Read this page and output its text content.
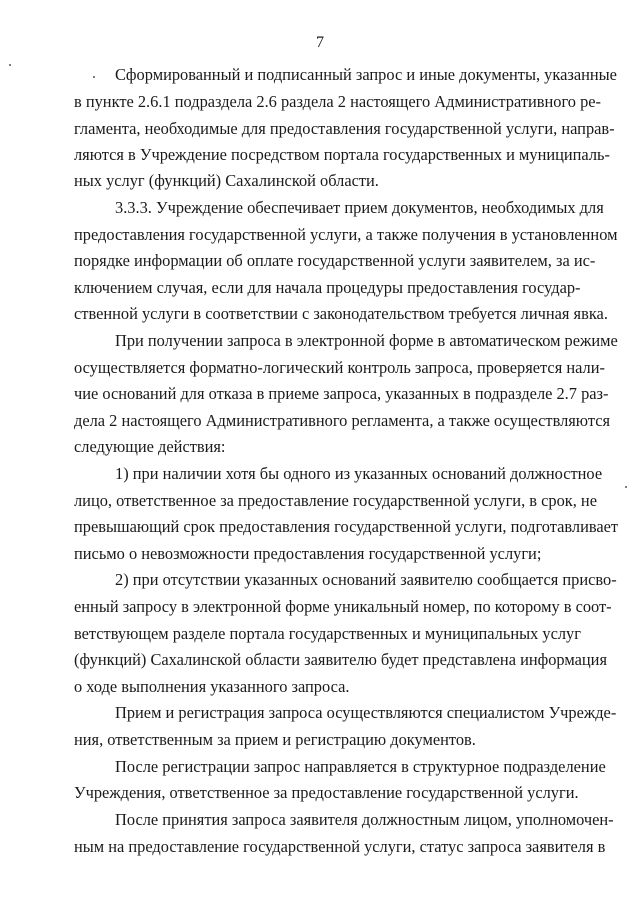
7
Сформированный и подписанный запрос и иные документы, указанные
в пункте 2.6.1 подраздела 2.6 раздела 2 настоящего Административного ре-
гламента, необходимые для предоставления государственной услуги, направ-
ляются в Учреждение посредством портала государственных и муниципаль-
ных услуг (функций) Сахалинской области.
3.3.3. Учреждение обеспечивает прием документов, необходимых для
предоставления государственной услуги, а также получения в установленном
порядке информации об оплате государственной услуги заявителем, за ис-
ключением случая, если для начала процедуры предоставления государ-
ственной услуги в соответствии с законодательством требуется личная явка.
При получении запроса в электронной форме в автоматическом режиме
осуществляется форматно-логический контроль запроса, проверяется нали-
чие оснований для отказа в приеме запроса, указанных в подразделе 2.7 раз-
дела 2 настоящего Административного регламента, а также осуществляются
следующие действия:
1) при наличии хотя бы одного из указанных оснований должностное
лицо, ответственное за предоставление государственной услуги, в срок, не
превышающий срок предоставления государственной услуги, подготавливает
письмо о невозможности предоставления государственной услуги;
2) при отсутствии указанных оснований заявителю сообщается присво-
енный запросу в электронной форме уникальный номер, по которому в соот-
ветствующем разделе портала государственных и муниципальных услуг
(функций) Сахалинской области заявителю будет представлена информация
о ходе выполнения указанного запроса.
Прием и регистрация запроса осуществляются специалистом Учрежде-
ния, ответственным за прием и регистрацию документов.
После регистрации запрос направляется в структурное подразделение
Учреждения, ответственное за предоставление государственной услуги.
После принятия запроса заявителя должностным лицом, уполномочен-
ным на предоставление государственной услуги, статус запроса заявителя в
